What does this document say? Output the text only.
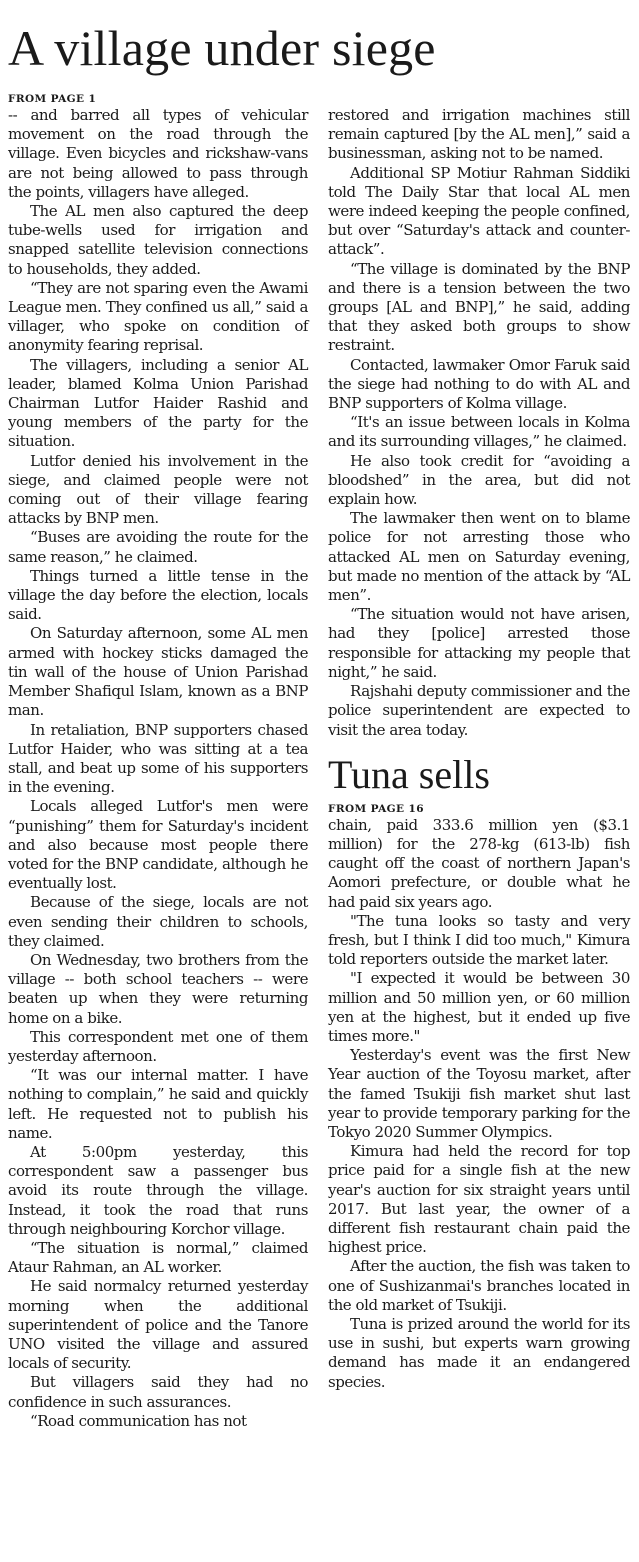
A village under siege
FROM PAGE 1

-- and barred all types of vehicular movement on the road through the village. Even bicycles and rickshaw-vans are not being allowed to pass through the points, villagers have alleged.

The AL men also captured the deep tube-wells used for irrigation and snapped satellite television connections to households, they added.

“They are not sparing even the Awami League men. They confined us all,” said a villager, who spoke on condition of anonymity fearing reprisal.

The villagers, including a senior AL leader, blamed Kolma Union Parishad Chairman Lutfor Haider Rashid and young members of the party for the situation.

Lutfor denied his involvement in the siege, and claimed people were not coming out of their village fearing attacks by BNP men.

“Buses are avoiding the route for the same reason,” he claimed.

Things turned a little tense in the village the day before the election, locals said.

On Saturday afternoon, some AL men armed with hockey sticks damaged the tin wall of the house of Union Parishad Member Shafiqul Islam, known as a BNP man.

In retaliation, BNP supporters chased Lutfor Haider, who was sitting at a tea stall, and beat up some of his supporters in the evening.

Locals alleged Lutfor's men were “punishing” them for Saturday's incident and also because most people there voted for the BNP candidate, although he eventually lost.

Because of the siege, locals are not even sending their children to schools, they claimed.

On Wednesday, two brothers from the village -- both school teachers -- were beaten up when they were returning home on a bike.

This correspondent met one of them yesterday afternoon.

“It was our internal matter. I have nothing to complain,” he said and quickly left. He requested not to publish his name.

At 5:00pm yesterday, this correspondent saw a passenger bus avoid its route through the village. Instead, it took the road that runs through neighbouring Korchor village.

“The situation is normal,” claimed Ataur Rahman, an AL worker.

He said normalcy returned yesterday morning when the additional superintendent of police and the Tanore UNO visited the village and assured locals of security.

But villagers said they had no confidence in such assurances.

“Road communication has not

restored and irrigation machines still remain captured [by the AL men],” said a businessman, asking not to be named.

Additional SP Motiur Rahman Siddiki told The Daily Star that local AL men were indeed keeping the people confined, but over “Saturday's attack and counter-attack”.

“The village is dominated by the BNP and there is a tension between the two groups [AL and BNP],” he said, adding that they asked both groups to show restraint.

Contacted, lawmaker Omor Faruk said the siege had nothing to do with AL and BNP supporters of Kolma village.

“It's an issue between locals in Kolma and its surrounding villages,” he claimed.

He also took credit for “avoiding a bloodshed” in the area, but did not explain how.

The lawmaker then went on to blame police for not arresting those who attacked AL men on Saturday evening, but made no mention of the attack by “AL men”.

“The situation would not have arisen, had they [police] arrested those responsible for attacking my people that night,” he said.

Rajshahi deputy commissioner and the police superintendent are expected to visit the area today.

Tuna sells
FROM PAGE 16

chain, paid 333.6 million yen ($3.1 million) for the 278-kg (613-lb) fish caught off the coast of northern Japan's Aomori prefecture, or double what he had paid six years ago.

"The tuna looks so tasty and very fresh, but I think I did too much," Kimura told reporters outside the market later.

"I expected it would be between 30 million and 50 million yen, or 60 million yen at the highest, but it ended up five times more."

Yesterday's event was the first New Year auction of the Toyosu market, after the famed Tsukiji fish market shut last year to provide temporary parking for the Tokyo 2020 Summer Olympics.

Kimura had held the record for top price paid for a single fish at the new year's auction for six straight years until 2017. But last year, the owner of a different fish restaurant chain paid the highest price.

After the auction, the fish was taken to one of Sushizanmai's branches located in the old market of Tsukiji.

Tuna is prized around the world for its use in sushi, but experts warn growing demand has made it an endangered species.
